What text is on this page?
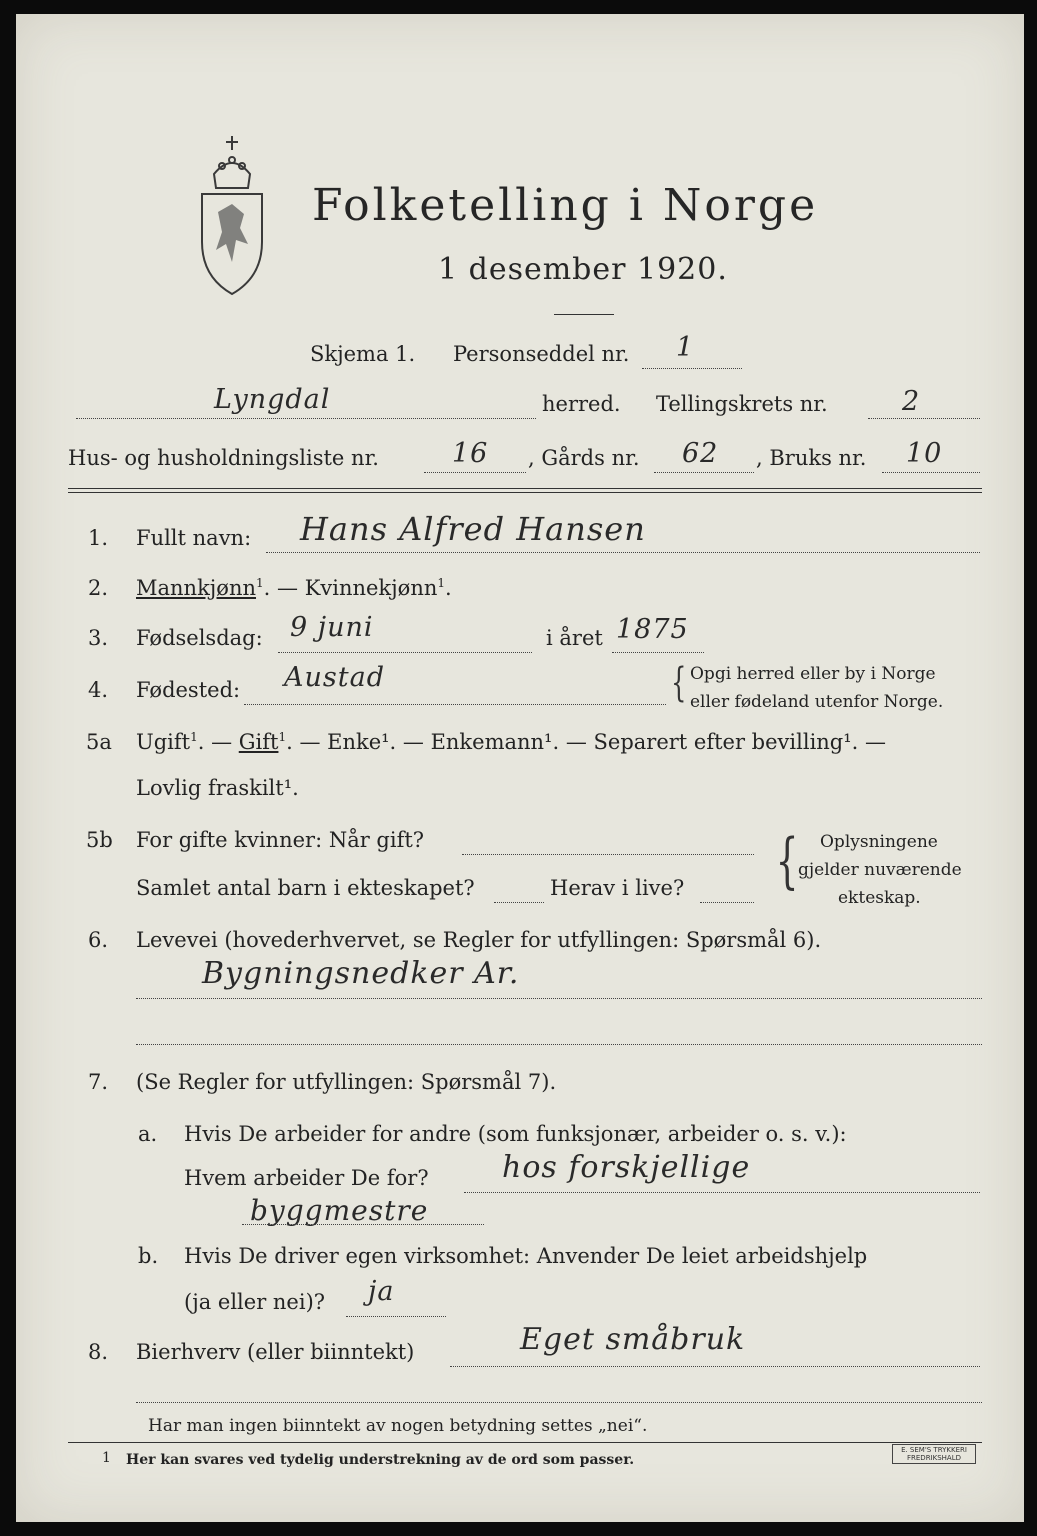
Folketelling i Norge
1 desember 1920.
Skjema 1. Personseddel nr. 1
Lyngdal	herred. Tellingskrets nr.	2
Hus- og husholdningsliste nr.	16 , Gårds nr. 62 , Bruks nr. 10
1. Fullt navn: Hans Alfred Hansen
2. Mannkjønn$^1$. — Kvinnekjønn$^1$.
3. Fødselsdag: 9 juni	i året 1875
4. Fødested: Austad	{ Opgi herred eller by i Norge
eller fødeland utenfor Norge.
5a Ugift$^1$. — Gift$^1$. — Enke¹. — Enkemann¹. — Separert efter bevilling¹. —
Lovlig fraskilt¹.
5b For gifte kvinner: Når gift?
Samlet antal barn i ekteskapet?	Herav i live? { Oplysningene
gjelder nuværende
ekteskap.
6. Levevei (hovederhvervet, se Regler for utfyllingen: Spørsmål 6).
Bygningsnedker Ar.
7. (Se Regler for utfyllingen: Spørsmål 7).
a. Hvis De arbeider for andre (som funksjonær, arbeider o. s. v.):
Hvem arbeider De for? hos forskjellige
byggmestre
b. Hvis De driver egen virksomhet: Anvender De leiet arbeidshjelp
(ja eller nei)? ja
8. Bierhverv (eller biinntekt)	Eget småbruk
Har man ingen biinntekt av nogen betydning settes „nei“.
1 Her kan svares ved tydelig understrekning av de ord som passer.
E. SEM'S TRYKKERI FREDRIKSHALD
